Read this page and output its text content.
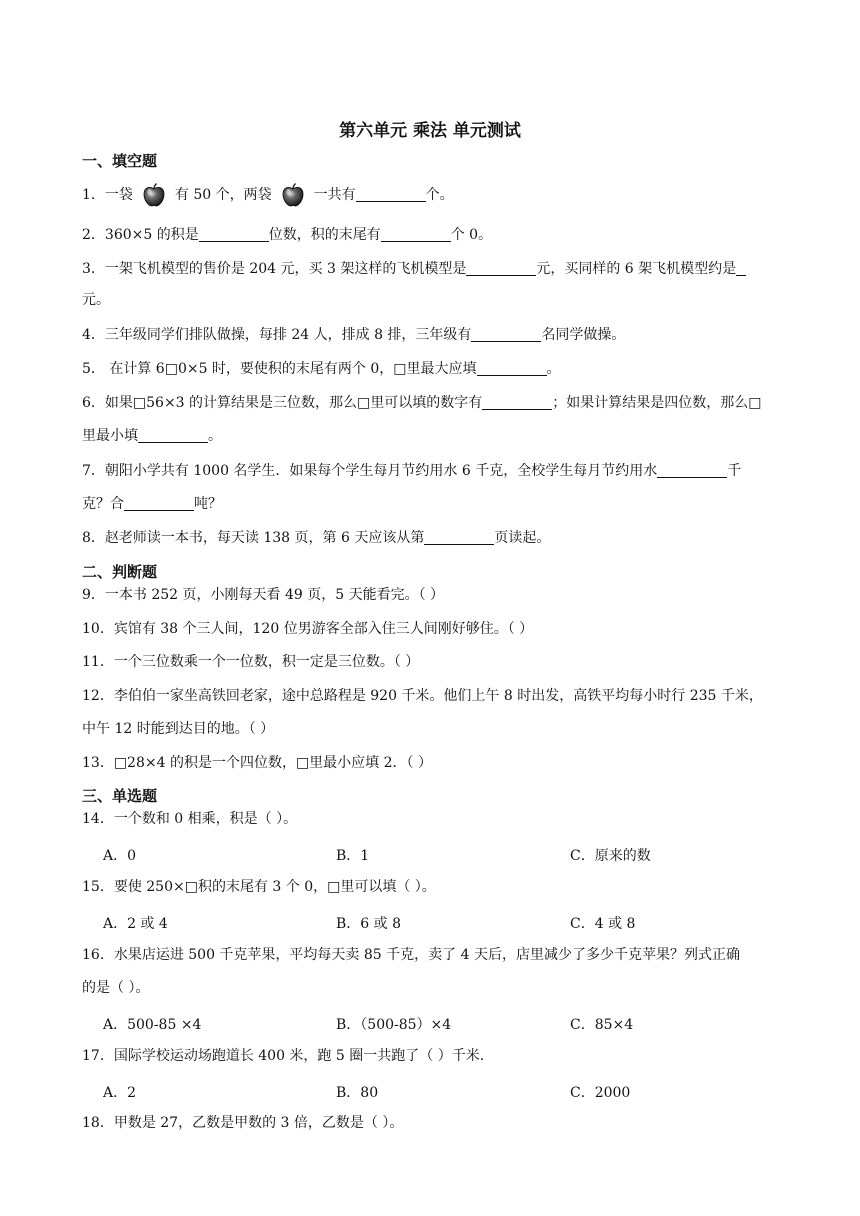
第六单元 乘法 单元测试
一、填空题
1．一袋	有 50 个，两袋	一共有	个。
2．360×5 的积是	位数，积的末尾有	个 0。
3．一架飞机模型的售价是 204 元，买 3 架这样的飞机模型是	元，买同样的 6 架飞机模型约是
元。
4．三年级同学们排队做操，每排 24 人，排成 8 排，三年级有	名同学做操。
5． 在计算 6□0×5 时，要使积的末尾有两个 0，□里最大应填	。
6．如果□56×3 的计算结果是三位数，那么□里可以填的数字有	；如果计算结果是四位数，那么□
里最小填	。
7．朝阳小学共有 1000 名学生．如果每个学生每月节约用水 6 千克，全校学生每月节约用水	千
克？合	吨？
8．赵老师读一本书，每天读 138 页，第 6 天应该从第	页读起。
二、判断题
9．一本书 252 页，小刚每天看 49 页，5 天能看完。（ ）
10．宾馆有 38 个三人间，120 位男游客全部入住三人间刚好够住。（ ）
11．一个三位数乘一个一位数，积一定是三位数。（ ）
12．李伯伯一家坐高铁回老家，途中总路程是 920 千米。他们上午 8 时出发，高铁平均每小时行 235 千米，
中午 12 时能到达目的地。（ ）
13．□28×4 的积是一个四位数，□里最小应填 2．（ ）
三、单选题
14．一个数和 0 相乘，积是（ ）。
A．0	B．1	C．原来的数
15．要使 250×□积的末尾有 3 个 0，□里可以填（ ）。
A．2 或 4	B．6 或 8	C．4 或 8
16．水果店运进 500 千克苹果，平均每天卖 85 千克，卖了 4 天后，店里减少了多少千克苹果？列式正确
的是（ ）。
A．500-85 ×4	B．（500-85）×4	C．85×4
17．国际学校运动场跑道长 400 米，跑 5 圈一共跑了（ ）千米．
A．2	B．80	C．2000
18．甲数是 27，乙数是甲数的 3 倍，乙数是（ ）。
